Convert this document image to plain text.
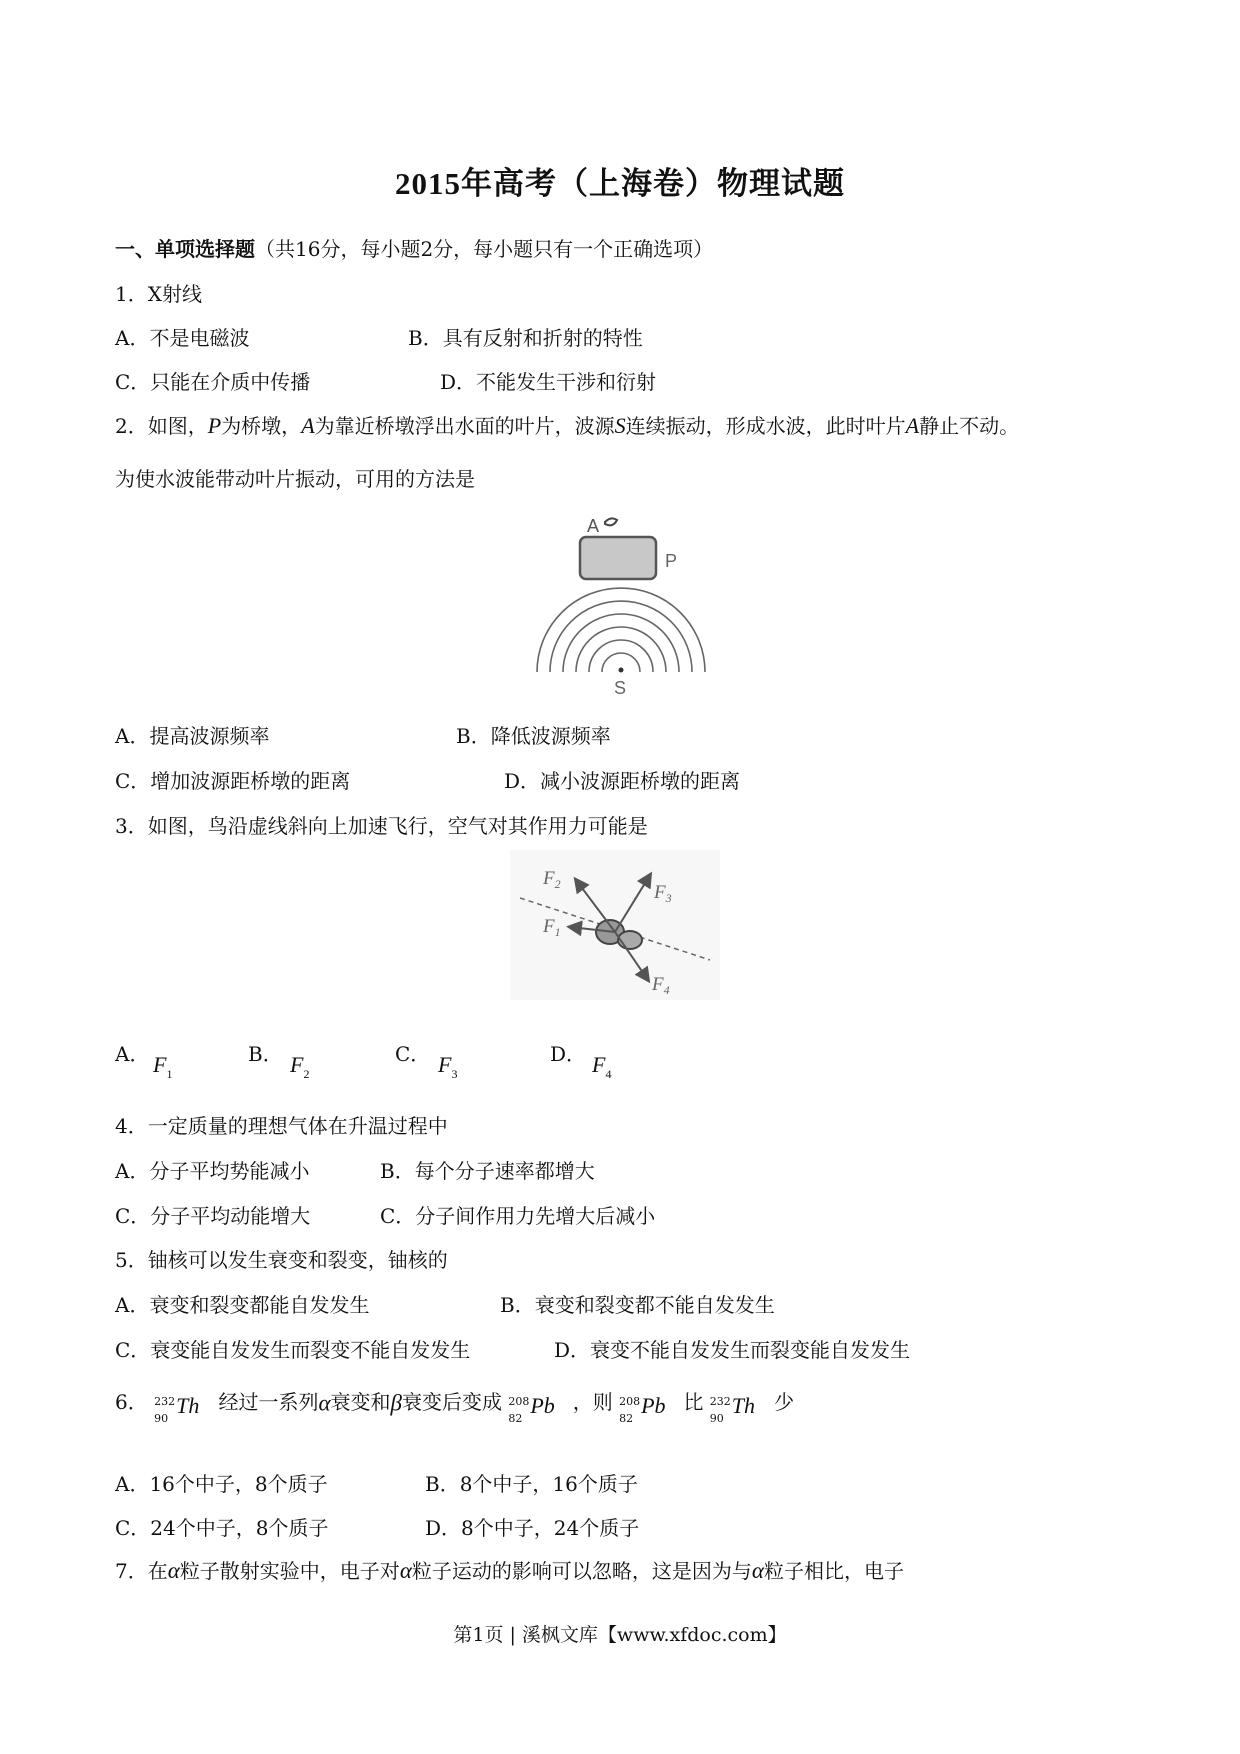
2015年高考（上海卷）物理试题
一、单项选择题（共16分，每小题2分，每小题只有一个正确选项）
1．X射线
A．不是电磁波	B．具有反射和折射的特性
C．只能在介质中传播	D．不能发生干涉和衍射
2．如图，P为桥墩，A为靠近桥墩浮出水面的叶片，波源S连续振动，形成水波，此时叶片A静止不动。
为使水波能带动叶片振动，可用的方法是
A
P
S
A．提高波源频率	B．降低波源频率
C．增加波源距桥墩的距离	D．减小波源距桥墩的距离
3．如图，鸟沿虚线斜向上加速飞行，空气对其作用力可能是
$F_1$
$F_2$	$F_3$
$F_4$
A． $F_1$
B． $F_2$
C． $F_3$
D． $F_4$
4．一定质量的理想气体在升温过程中
A．分子平均势能减小	B．每个分子速率都增大
C．分子平均动能增大	C．分子间作用力先增大后减小
5．铀核可以发生衰变和裂变，铀核的
A．衰变和裂变都能自发发生	B．衰变和裂变都不能自发发生
C．衰变能自发发生而裂变不能自发发生	D．衰变不能自发发生而裂变能自发发生
6． 232
90
Th 经过一系列α衰变和β衰变后变成 208
82
Pb ，则 208
82
Pb 比 232
90
Th 少
A．16个中子，8个质子	B．8个中子，16个质子
C．24个中子，8个质子	D．8个中子，24个质子
7．在α粒子散射实验中，电子对α粒子运动的影响可以忽略，这是因为与α粒子相比，电子
第1页 | 溪枫文库【www.xfdoc.com】
